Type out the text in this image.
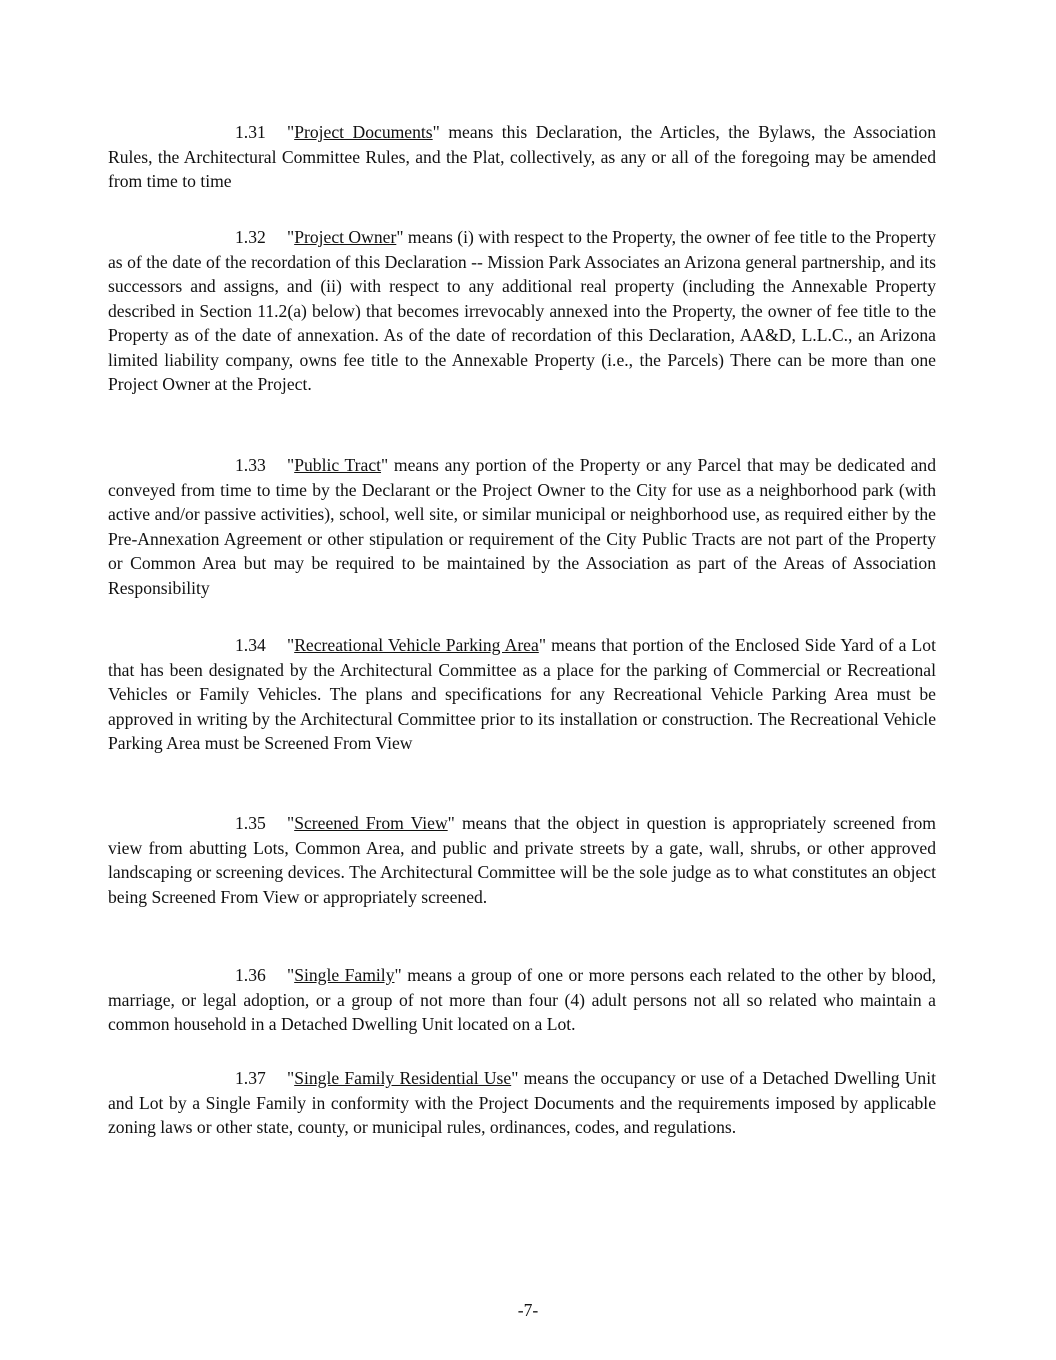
1.31 "Project Documents" means this Declaration, the Articles, the Bylaws, the Association Rules, the Architectural Committee Rules, and the Plat, collectively, as any or all of the foregoing may be amended from time to time

1.32 "Project Owner" means (i) with respect to the Property, the owner of fee title to the Property as of the date of the recordation of this Declaration -- Mission Park Associates an Arizona general partnership, and its successors and assigns, and (ii) with respect to any additional real property (including the Annexable Property described in Section 11.2(a) below) that becomes irrevocably annexed into the Property, the owner of fee title to the Property as of the date of annexation. As of the date of recordation of this Declaration, AA&D, L.L.C., an Arizona limited liability company, owns fee title to the Annexable Property (i.e., the Parcels) There can be more than one Project Owner at the Project.

1.33 "Public Tract" means any portion of the Property or any Parcel that may be dedicated and conveyed from time to time by the Declarant or the Project Owner to the City for use as a neighborhood park (with active and/or passive activities), school, well site, or similar municipal or neighborhood use, as required either by the Pre-Annexation Agreement or other stipulation or requirement of the City Public Tracts are not part of the Property or Common Area but may be required to be maintained by the Association as part of the Areas of Association Responsibility

1.34 "Recreational Vehicle Parking Area" means that portion of the Enclosed Side Yard of a Lot that has been designated by the Architectural Committee as a place for the parking of Commercial or Recreational Vehicles or Family Vehicles. The plans and specifications for any Recreational Vehicle Parking Area must be approved in writing by the Architectural Committee prior to its installation or construction. The Recreational Vehicle Parking Area must be Screened From View

1.35 "Screened From View" means that the object in question is appropriately screened from view from abutting Lots, Common Area, and public and private streets by a gate, wall, shrubs, or other approved landscaping or screening devices. The Architectural Committee will be the sole judge as to what constitutes an object being Screened From View or appropriately screened.

1.36 "Single Family" means a group of one or more persons each related to the other by blood, marriage, or legal adoption, or a group of not more than four (4) adult persons not all so related who maintain a common household in a Detached Dwelling Unit located on a Lot.

1.37 "Single Family Residential Use" means the occupancy or use of a Detached Dwelling Unit and Lot by a Single Family in conformity with the Project Documents and the requirements imposed by applicable zoning laws or other state, county, or municipal rules, ordinances, codes, and regulations.

-7-
